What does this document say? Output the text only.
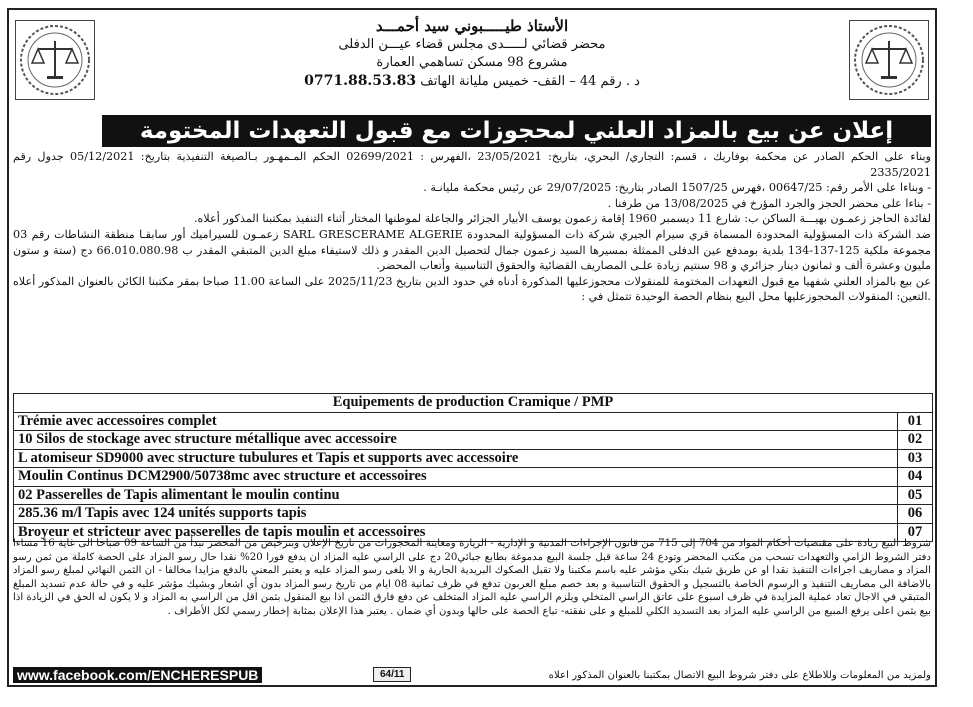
الأستاذ طيـــــبوني سيد أحمـــد
محضر قضائي لـــــدى مجلس قضاء عيـــن الدفلى
مشروع 98 مسكن تساهمي العمارة
د . رقم 44 – القف- خميس مليانة الهاتف 0771.88.53.83
إعلان عن بيع بالمزاد العلني لمحجوزات مع قبول التعهدات المختومة

وبناء على الحكم الصادر عن محكمة بوفاريك ، قسم: التجاري/ البحري، بتاريخ: 23/05/2021 ،الفهرس : 02699/2021 الحكم المـمهـور بـالصيغة التنفيذية بتاريخ: 05/12/2021 جدول رقم 2335/2021

- وبناءا على الأمر رقم: 00647/25 ،فهرس 1507/25 الصادر بتاريخ: 29/07/2025 عن رئيس محكمة مليانـة .

- بناءا على محضر الحجز والجرد المؤرخ في 13/08/2025 من طرفنا .

لفائدة الحاجز زعمـون بهيـــة الساكن ب: شارع 11 ديسمبر 1960 إقامة زعمون يوسف الأبيار الجزائر والجاعلة لموطنها المختار أثناء التنفيذ بمكتبنا المذكور أعلاه.

ضد الشركة ذات المسؤولية المحدودة المسماة قري سيرام الجيري شركة ذات المسؤولية المحدودة SARL GRESCERAME ALGERIE زعمـون للسيراميك أور سابقـا منطقة النشاطات رقم 03 مجموعة ملكية 125-137-134 بلدية بومدفع عين الدفلى الممثلة بمسيرها السيد زعمون جمال لتحصيل الدين المقدر و ذلك لاستيفاء مبلغ الدين المتبقي المقدر ب 66.010.080.98 دج (ستة و ستون مليون وعشرة ألف و ثمانون دينار جزائري و 98 سنتيم زيادة علـى المصاريف القضائية والحقوق التناسبية وأتعاب المحضر.

عن بيع بالمزاد العلني شفهيا مع قبول التعهدات المختومة للمنقولات محجوزعليها المذكورة أدناه في حدود الدين بتاريخ 2025/11/23 على الساعة 11.00 صباحا بمقر مكتبنا الكائن بالعنوان المذكور أعلاه .التعين: المنقولات المحجوزعليها محل البيع بنظام الحصة الوحيدة تتمثل في :

Equipements de production Cramique / PMP	
Trémie avec accessoires complet	01
10 Silos de stockage avec structure métallique avec accessoire	02
L atomiseur SD9000 avec structure tubulures et Tapis et supports avec accessoire	03
Moulin Continus DCM2900/50738mc avec structure et accessoires	04
02 Passerelles de Tapis alimentant le moulin continu	05
285.36 m/l Tapis avec 124 unités supports tapis	06
Broyeur et stricteur avec passerelles de tapis moulin et accessoires	07

شروط البيع زيادة على مقتضيات أحكام المواد من 704 إلى 715 من قانون الإجراءات المدنية و الإدارية - الزيارة ومعاينة المحجوزات من تاريخ الإعلان وبترخيص من المحضر تبدأ من الساعة 09 صباحا الى غاية 16 مساءا دفتر الشروط الزامي والتعهدات تسحب من مكتب المحضر وتودع 24 ساعة قبل جلسة البيع مدموغة بطابع جبائي20 دج على الراسي عليه المزاد ان يدفع فورا 20% نقدا حال رسو المزاد على الحصة كاملة من ثمن رسو المزاد و مصاريف اجراءات التنفيذ نقدا او عن طريق شيك بنكي مؤشر عليه باسم مكتبنا ولا تقبل الصكوك البريدية الجارية و الا يلغى رسو المزاد عليه و يعتبر المعني بالدفع مزايدا مخالفا - ان الثمن النهائي لمبلغ رسو المزاد بالاضافة الى مصاريف التنفيذ و الرسوم الخاصة بالتسجيل و الحقوق التناسبية و بعد خصم مبلغ العربون تدفع في ظرف ثمانية 08 ايام من تاريخ رسو المزاد بدون أي اشعار وبشيك مؤشر عليه و في حالة عدم تسديد المبلغ المتبقي في الاجال تعاد عملية المزايدة في ظرف اسبوع على عاتق الراسي المتخلي ويلزم الراسي عليه المزاد المتخلف عن دفع فارق الثمن اذا بيع المنقول بثمن اقل من الراسي به المزاد و لا يكون له الحق في الزيادة اذا بيع بثمن اعلى يرفع المبيع من الراسي عليه المزاد بعد التسديد الكلي للمبلغ و على نفقته- تباع الحصة على حالها وبدون أي ضمان . يعتبر هذا الإعلان بمثابة إخطار رسمي لكل الأطراف .

www.facebook.com/ENCHERESPUB	64/11	ولمزيد من المعلومات وللاطلاع على دفتر شروط البيع الاتصال بمكتبنا بالعنوان المذكور اعلاه
